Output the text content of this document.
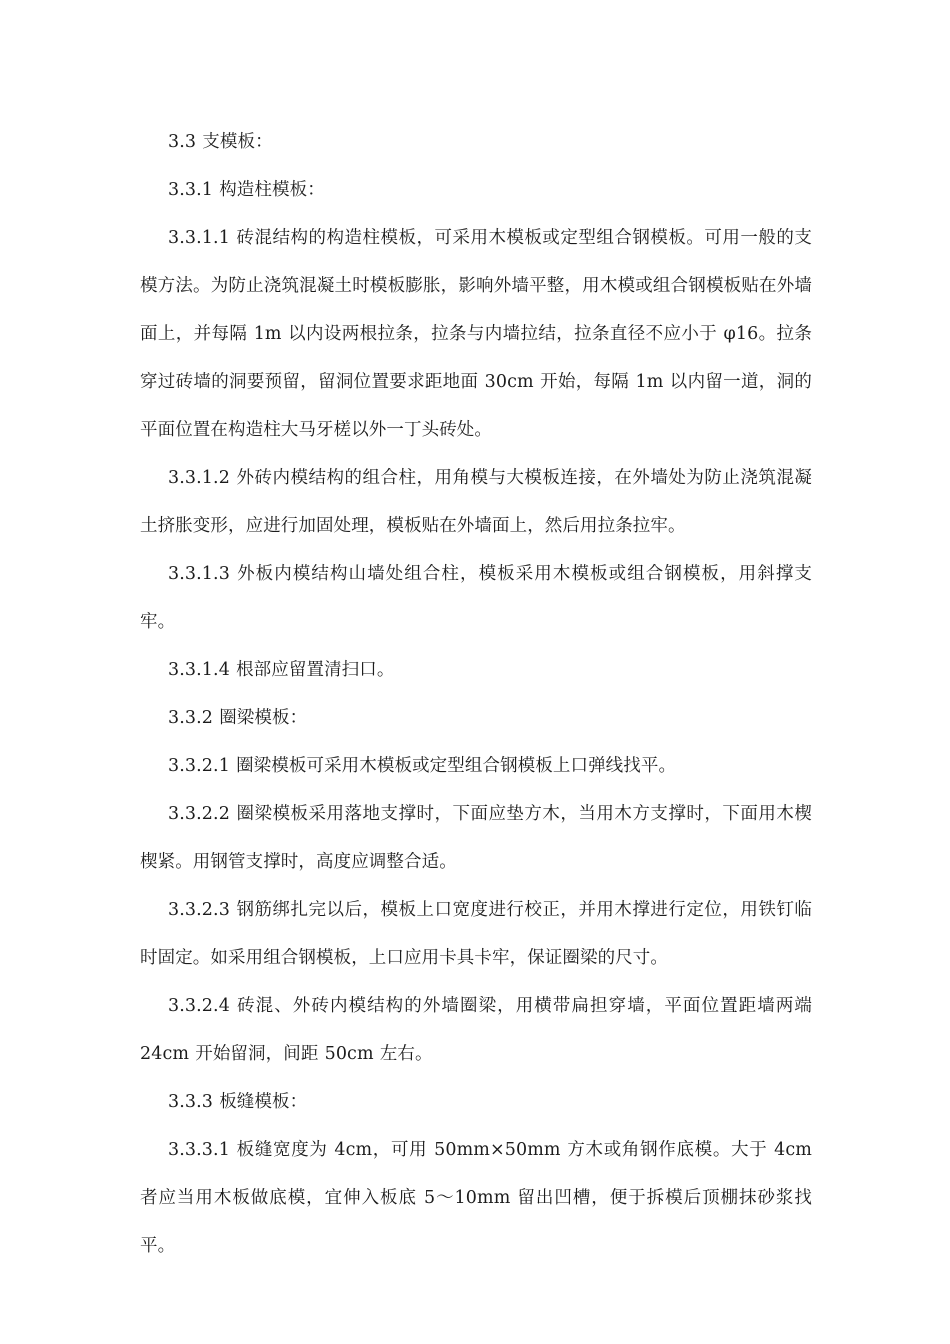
3.3 支模板：

3.3.1 构造柱模板：

3.3.1.1 砖混结构的构造柱模板，可采用木模板或定型组合钢模板。可用一般的支模方法。为防止浇筑混凝土时模板膨胀，影响外墙平整，用木模或组合钢模板贴在外墙面上，并每隔 1m 以内设两根拉条，拉条与内墙拉结，拉条直径不应小于 φ16。拉条穿过砖墙的洞要预留，留洞位置要求距地面 30cm 开始，每隔 1m 以内留一道，洞的平面位置在构造柱大马牙槎以外一丁头砖处。

3.3.1.2 外砖内模结构的组合柱，用角模与大模板连接，在外墙处为防止浇筑混凝土挤胀变形，应进行加固处理，模板贴在外墙面上，然后用拉条拉牢。

3.3.1.3 外板内模结构山墙处组合柱，模板采用木模板或组合钢模板，用斜撑支牢。

3.3.1.4 根部应留置清扫口。

3.3.2 圈梁模板：

3.3.2.1 圈梁模板可采用木模板或定型组合钢模板上口弹线找平。

3.3.2.2 圈梁模板采用落地支撑时，下面应垫方木，当用木方支撑时，下面用木楔楔紧。用钢管支撑时，高度应调整合适。

3.3.2.3 钢筋绑扎完以后，模板上口宽度进行校正，并用木撑进行定位，用铁钉临时固定。如采用组合钢模板，上口应用卡具卡牢，保证圈梁的尺寸。

3.3.2.4 砖混、外砖内模结构的外墙圈梁，用横带扁担穿墙，平面位置距墙两端 24cm 开始留洞，间距 50cm 左右。

3.3.3 板缝模板：

3.3.3.1 板缝宽度为 4cm，可用 50mm×50mm 方木或角钢作底模。大于 4cm 者应当用木板做底模，宜伸入板底 5〜10mm 留出凹槽，便于拆模后顶棚抹砂浆找平。
